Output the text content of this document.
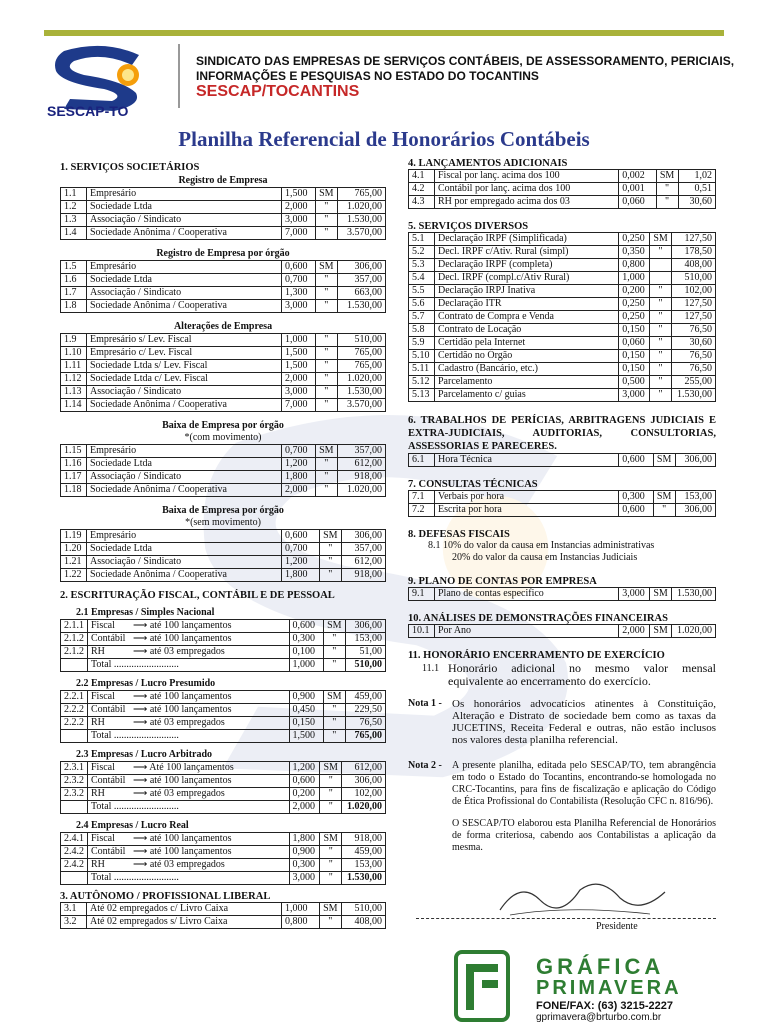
SESCAP-TO
SINDICATO DAS EMPRESAS DE SERVIÇOS CONTÁBEIS, DE ASSESSORAMENTO, PERICIAIS, INFORMAÇÕES E PESQUISAS NO ESTADO DO TOCANTINS
SESCAP/TOCANTINS
Planilha Referencial de Honorários Contábeis
1. SERVIÇOS SOCIETÁRIOS
Registro de Empresa
1.1	Empresário	1,500	SM	765,00
1.2	Sociedade Ltda	2,000	"	1.020,00
1.3	Associação / Sindicato	3,000	"	1.530,00
1.4	Sociedade Anônima / Cooperativa	7,000	"	3.570,00
Registro de Empresa por órgão
1.5	Empresário	0,600	SM	306,00
1.6	Sociedade Ltda	0,700	"	357,00
1.7	Associação / Sindicato	1,300	"	663,00
1.8	Sociedade Anônima / Cooperativa	3,000	"	1.530,00
Alterações de Empresa
1.9	Empresário s/ Lev. Fiscal	1,000	"	510,00
1.10	Empresário c/ Lev. Fiscal	1,500	"	765,00
1.11	Sociedade Ltda s/ Lev. Fiscal	1,500	"	765,00
1.12	Sociedade Ltda c/ Lev. Fiscal	2,000	"	1.020,00
1.13	Associação / Sindicato	3,000	"	1.530,00
1.14	Sociedade Anônima / Cooperativa	7,000	"	3.570,00
Baixa de Empresa por órgão
*(com movimento)
1.15	Empresário	0,700	SM	357,00
1.16	Sociedade Ltda	1,200	"	612,00
1.17	Associação / Sindicato	1,800	"	918,00
1.18	Sociedade Anônima / Cooperativa	2,000	"	1.020,00
Baixa de Empresa por órgão
*(sem movimento)
1.19	Empresário	0,600	SM	306,00
1.20	Sociedade Ltda	0,700	"	357,00
1.21	Associação / Sindicato	1,200	"	612,00
1.22	Sociedade Anônima / Cooperativa	1,800	"	918,00
2. ESCRITURAÇÃO FISCAL, CONTÁBIL E DE PESSOAL
2.1 Empresas / Simples Nacional
2.1.1	Fiscal ⟶ até 100 lançamentos	0,600	SM	306,00
2.1.2	Contábil ⟶ até 100 lançamentos	0,300	"	153,00
2.1.2	RH ⟶ até 03 empregados	0,100	"	51,00
	Total ..........................	1,000	"	510,00
2.2 Empresas / Lucro Presumido
2.2.1	Fiscal ⟶ até 100 lançamentos	0,900	SM	459,00
2.2.2	Contábil ⟶ até 100 lançamentos	0,450	"	229,50
2.2.2	RH ⟶ até 03 empregados	0,150	"	76,50
	Total ..........................	1,500	"	765,00
2.3 Empresas / Lucro Arbitrado
2.3.1	Fiscal ⟶ Até 100 lançamentos	1,200	SM	612,00
2.3.2	Contábil ⟶ até 100 lançamentos	0,600	"	306,00
2.3.2	RH ⟶ até 03 empregados	0,200	"	102,00
	Total ..........................	2,000	"	1.020,00
2.4 Empresas / Lucro Real
2.4.1	Fiscal ⟶ até 100 lançamentos	1,800	SM	918,00
2.4.2	Contábil ⟶ até 100 lançamentos	0,900	"	459,00
2.4.2	RH ⟶ até 03 empregados	0,300	"	153,00
	Total ..........................	3,000	"	1.530,00
3. AUTÔNOMO / PROFISSIONAL LIBERAL
3.1	Até 02 empregados c/ Livro Caixa	1,000	SM	510,00
3.2	Até 02 empregados s/ Livro Caixa	0,800	"	408,00
4. LANÇAMENTOS ADICIONAIS
4.1	Fiscal por lanç. acima dos 100	0,002	SM	1,02
4.2	Contábil por lanç. acima dos 100	0,001	"	0,51
4.3	RH por empregado acima dos 03	0,060	"	30,60
5. SERVIÇOS DIVERSOS
5.1	Declaração IRPF (Simplificada)	0,250	SM	127,50
5.2	Decl. IRPF c/Ativ. Rural (simpl)	0,350	"	178,50
5.3	Declaração IRPF (completa)	0,800		408,00
5.4	Decl. IRPF (compl.c/Ativ Rural)	1,000		510,00
5.5	Declaração IRPJ Inativa	0,200	"	102,00
5.6	Declaração ITR	0,250	"	127,50
5.7	Contrato de Compra e Venda	0,250	"	127,50
5.8	Contrato de Locação	0,150	"	76,50
5.9	Certidão pela Internet	0,060	"	30,60
5.10	Certidão no Órgão	0,150	"	76,50
5.11	Cadastro (Bancário, etc.)	0,150	"	76,50
5.12	Parcelamento	0,500	"	255,00
5.13	Parcelamento c/ guias	3,000	"	1.530,00
6. TRABALHOS DE PERÍCIAS, ARBITRAGENS JUDICIAIS E EXTRA-JUDICIAIS, AUDITORIAS, CONSULTORIAS, ASSESSORIAS E PARECERES.
6.1	Hora Técnica	0,600	SM	306,00
7. CONSULTAS TÉCNICAS
7.1	Verbais por hora	0,300	SM	153,00
7.2	Escrita por hora	0,600	"	306,00
8. DEFESAS FISCAIS
8.1 10% do valor da causa em Instancias administrativas
20% do valor da causa em Instancias Judiciais
9. PLANO DE CONTAS POR EMPRESA
9.1	Plano de contas especifico	3,000	SM	1.530,00
10. ANÁLISES DE DEMONSTRAÇÕES FINANCEIRAS
10.1	Por Ano	2,000	SM	1.020,00
11. HONORÁRIO ENCERRAMENTO DE EXERCÍCIO
11.1 Honorário adicional no mesmo valor mensal equivalente ao encerramento do exercício.
Nota 1 - Os honorários advocatícios atinentes à Constituição, Alteração e Distrato de sociedade bem como as taxas da JUCETINS, Receita Federal e outras, não estão inclusos nos valores desta planilha referencial.
Nota 2 -	A presente planilha, editada pelo SESCAP/TO, tem abrangência em todo o Estado do Tocantins, encontrando-se homologada no CRC-Tocantins, para fins de fiscalização e aplicação do Código de Ética Profissional do Contabilista (Resolução CFC n. 816/96).
O SESCAP/TO elaborou esta Planilha Referencial de Honorários de forma criteriosa, cabendo aos Contabilistas a aplicação da mesma.
Presidente
GRÁFICA
PRIMAVERA
FONE/FAX: (63) 3215-2227
gprimavera@brturbo.com.br
